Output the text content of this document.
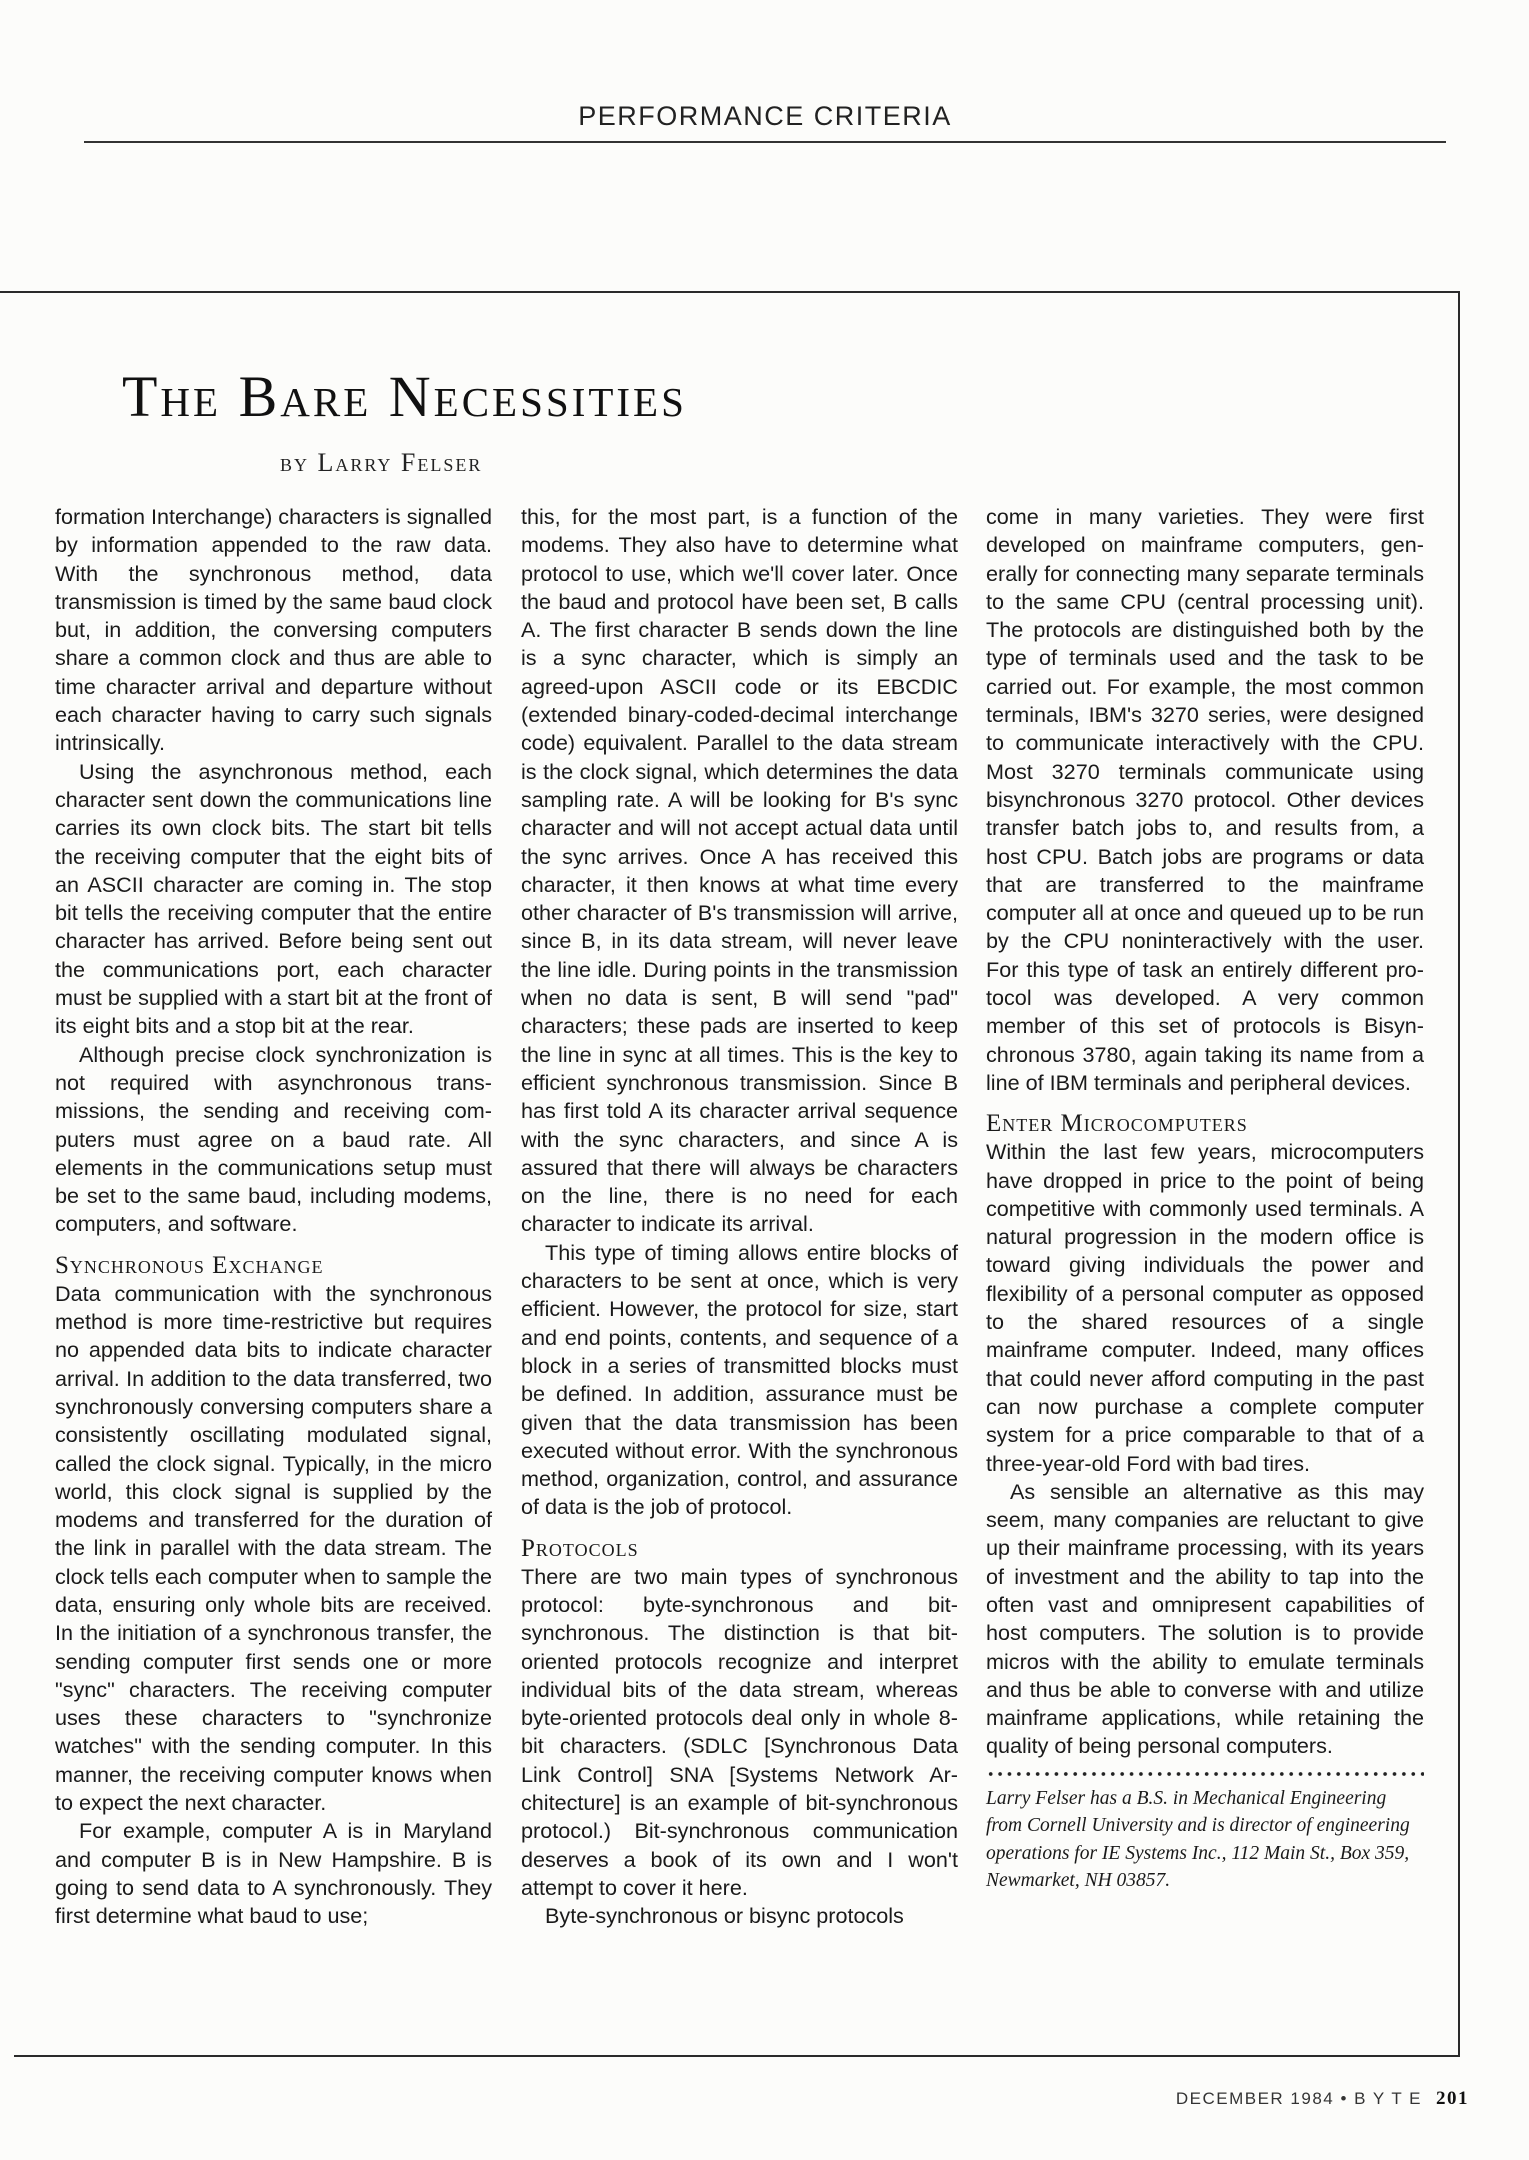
PERFORMANCE CRITERIA
The Bare Necessities
by Larry Felser

formation Interchange) characters is signalled by information appended to the raw data. With the synchronous method, data transmission is timed by the same baud clock but, in addition, the conversing computers share a common clock and thus are able to time character arrival and departure without each character having to carry such signals intrinsically.

Using the asynchronous method, each character sent down the communications line carries its own clock bits. The start bit tells the receiving computer that the eight bits of an ASCII character are coming in. The stop bit tells the receiving computer that the entire character has arrived. Before being sent out the communications port, each character must be supplied with a start bit at the front of its eight bits and a stop bit at the rear.

Although precise clock synchronization is not required with asynchronous transmissions, the sending and receiving computers must agree on a baud rate. All elements in the communications setup must be set to the same baud, including modems, computers, and software.

Synchronous Exchange

Data communication with the synchronous method is more time-restrictive but requires no appended data bits to indicate character arrival. In addition to the data transferred, two synchronously conversing computers share a consistently oscillating modulated signal, called the clock signal. Typically, in the micro world, this clock signal is supplied by the modems and transferred for the duration of the link in parallel with the data stream. The clock tells each computer when to sample the data, ensuring only whole bits are received. In the initiation of a synchronous transfer, the sending computer first sends one or more "sync" characters. The receiving computer uses these characters to "synchronize watches" with the sending computer. In this manner, the receiving computer knows when to expect the next character.

For example, computer A is in Maryland and computer B is in New Hampshire. B is going to send data to A synchronously. They first determine what baud to use;

this, for the most part, is a function of the modems. They also have to determine what protocol to use, which we'll cover later. Once the baud and protocol have been set, B calls A. The first character B sends down the line is a sync character, which is simply an agreed-upon ASCII code or its EBCDIC (extended binary-coded-decimal interchange code) equivalent. Parallel to the data stream is the clock signal, which determines the data sampling rate. A will be looking for B's sync character and will not accept actual data until the sync arrives. Once A has received this character, it then knows at what time every other character of B's transmission will arrive, since B, in its data stream, will never leave the line idle. During points in the transmission when no data is sent, B will send "pad" characters; these pads are inserted to keep the line in sync at all times. This is the key to efficient synchronous transmission. Since B has first told A its character arrival sequence with the sync characters, and since A is assured that there will always be characters on the line, there is no need for each character to indicate its arrival.

This type of timing allows entire blocks of characters to be sent at once, which is very efficient. However, the protocol for size, start and end points, contents, and sequence of a block in a series of transmitted blocks must be defined. In addition, assurance must be given that the data transmission has been executed without error. With the synchronous method, organization, control, and assurance of data is the job of protocol.

Protocols

There are two main types of synchronous protocol: byte-synchronous and bit-synchronous. The distinction is that bit-oriented protocols recognize and interpret individual bits of the data stream, whereas byte-oriented protocols deal only in whole 8-bit characters. (SDLC [Synchronous Data Link Control] SNA [Systems Network Architecture] is an example of bit-synchronous protocol.) Bit-synchronous communication deserves a book of its own and I won't attempt to cover it here.

Byte-synchronous or bisync protocols

come in many varieties. They were first developed on mainframe computers, generally for connecting many separate terminals to the same CPU (central processing unit). The protocols are distinguished both by the type of terminals used and the task to be carried out. For example, the most common terminals, IBM's 3270 series, were designed to communicate interactively with the CPU. Most 3270 terminals communicate using bisynchronous 3270 protocol. Other devices transfer batch jobs to, and results from, a host CPU. Batch jobs are programs or data that are transferred to the mainframe computer all at once and queued up to be run by the CPU noninteractively with the user. For this type of task an entirely different protocol was developed. A very common member of this set of protocols is Bisynchronous 3780, again taking its name from a line of IBM terminals and peripheral devices.

Enter Microcomputers

Within the last few years, microcomputers have dropped in price to the point of being competitive with commonly used terminals. A natural progression in the modern office is toward giving individuals the power and flexibility of a personal computer as opposed to the shared resources of a single mainframe computer. Indeed, many offices that could never afford computing in the past can now purchase a complete computer system for a price comparable to that of a three-year-old Ford with bad tires.

As sensible an alternative as this may seem, many companies are reluctant to give up their mainframe processing, with its years of investment and the ability to tap into the often vast and omnipresent capabilities of host computers. The solution is to provide micros with the ability to emulate terminals and thus be able to converse with and utilize mainframe applications, while retaining the quality of being personal computers.

Larry Felser has a B.S. in Mechanical Engineering from Cornell University and is director of engineering operations for IE Systems Inc., 112 Main St., Box 359, Newmarket, NH 03857.
DECEMBER 1984 • B Y T E 201
